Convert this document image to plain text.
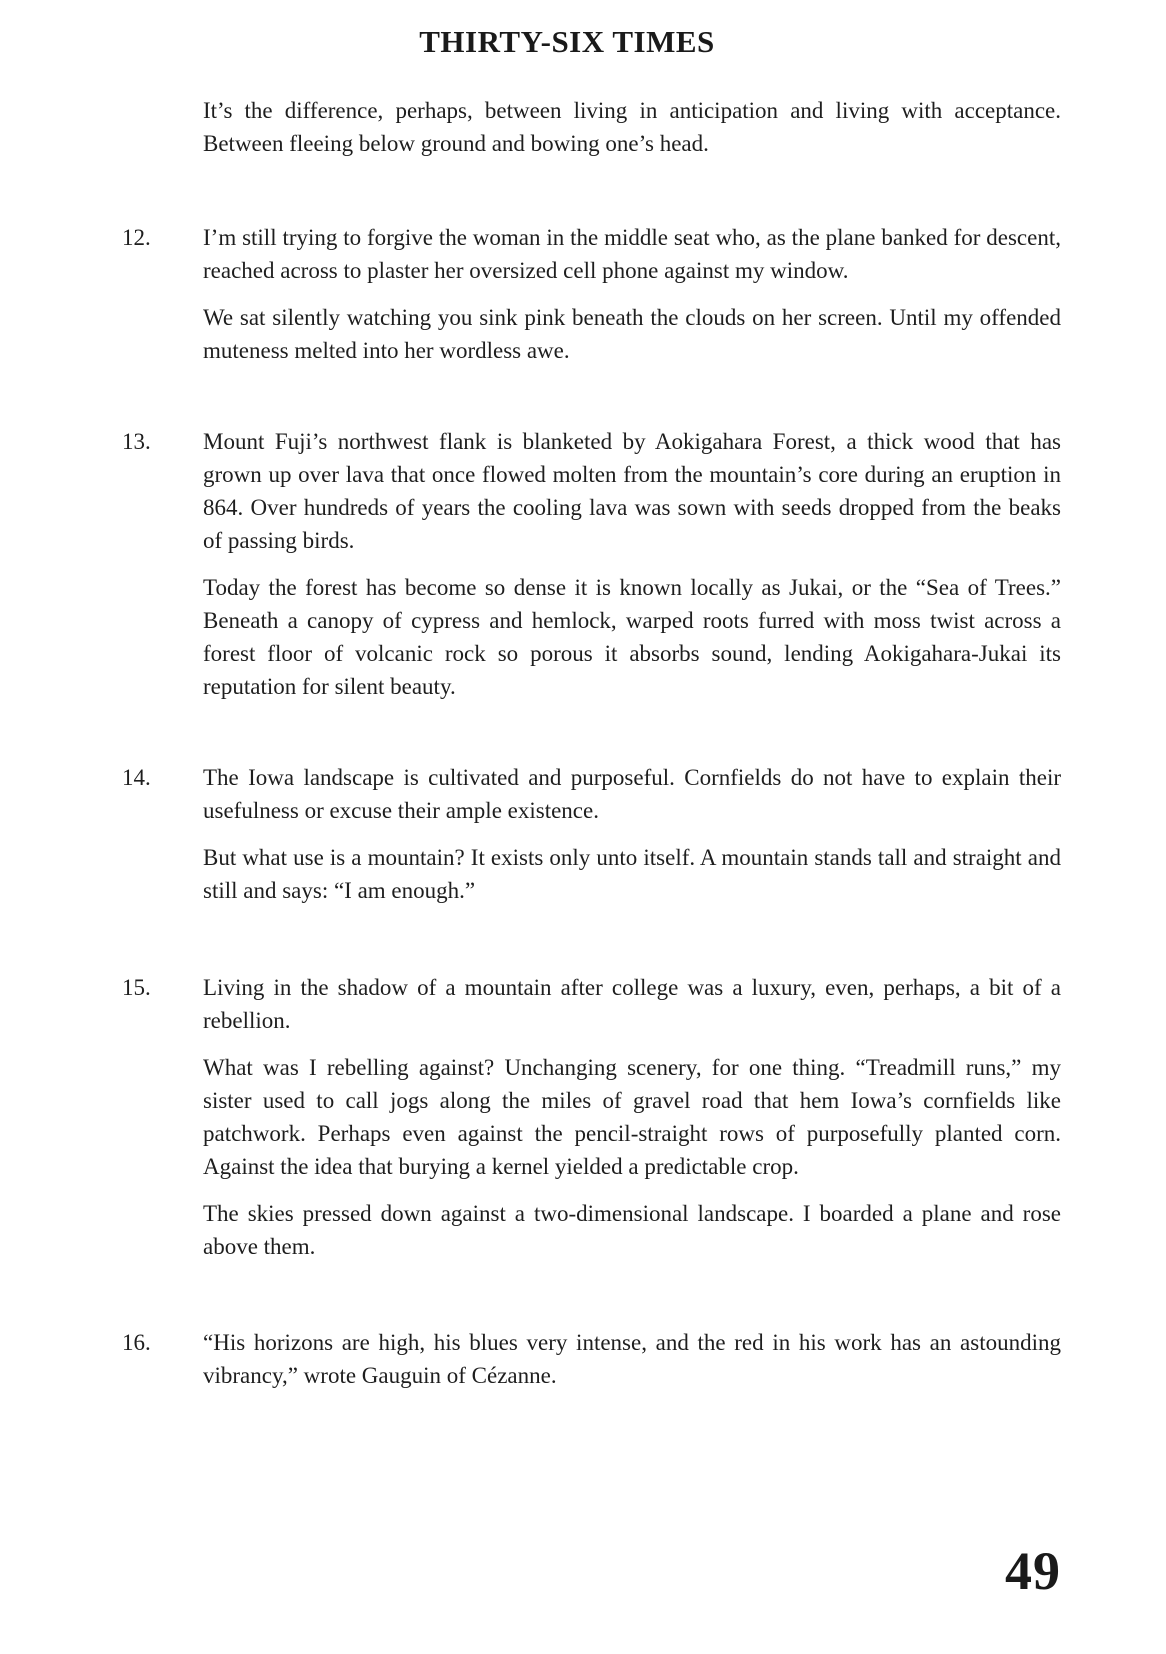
THIRTY-SIX TIMES

It’s the difference, perhaps, between living in anticipation and living with acceptance. Between fleeing below ground and bowing one’s head.

12. I’m still trying to forgive the woman in the middle seat who, as the plane banked for descent, reached across to plaster her oversized cell phone against my window.

We sat silently watching you sink pink beneath the clouds on her screen. Until my offended muteness melted into her wordless awe.

13. Mount Fuji’s northwest flank is blanketed by Aokigahara Forest, a thick wood that has grown up over lava that once flowed molten from the mountain’s core during an eruption in 864. Over hundreds of years the cooling lava was sown with seeds dropped from the beaks of passing birds.

Today the forest has become so dense it is known locally as Jukai, or the “Sea of Trees.” Beneath a canopy of cypress and hemlock, warped roots furred with moss twist across a forest floor of volcanic rock so porous it absorbs sound, lending Aokigahara-Jukai its reputation for silent beauty.

14. The Iowa landscape is cultivated and purposeful. Cornfields do not have to explain their usefulness or excuse their ample existence.

But what use is a mountain? It exists only unto itself. A mountain stands tall and straight and still and says: “I am enough.”

15. Living in the shadow of a mountain after college was a luxury, even, perhaps, a bit of a rebellion.

What was I rebelling against? Unchanging scenery, for one thing. “Treadmill runs,” my sister used to call jogs along the miles of gravel road that hem Iowa’s cornfields like patchwork. Perhaps even against the pencil-straight rows of purposefully planted corn. Against the idea that burying a kernel yielded a predictable crop.

The skies pressed down against a two-dimensional landscape. I boarded a plane and rose above them.

16. “His horizons are high, his blues very intense, and the red in his work has an astounding vibrancy,” wrote Gauguin of Cézanne.

49
